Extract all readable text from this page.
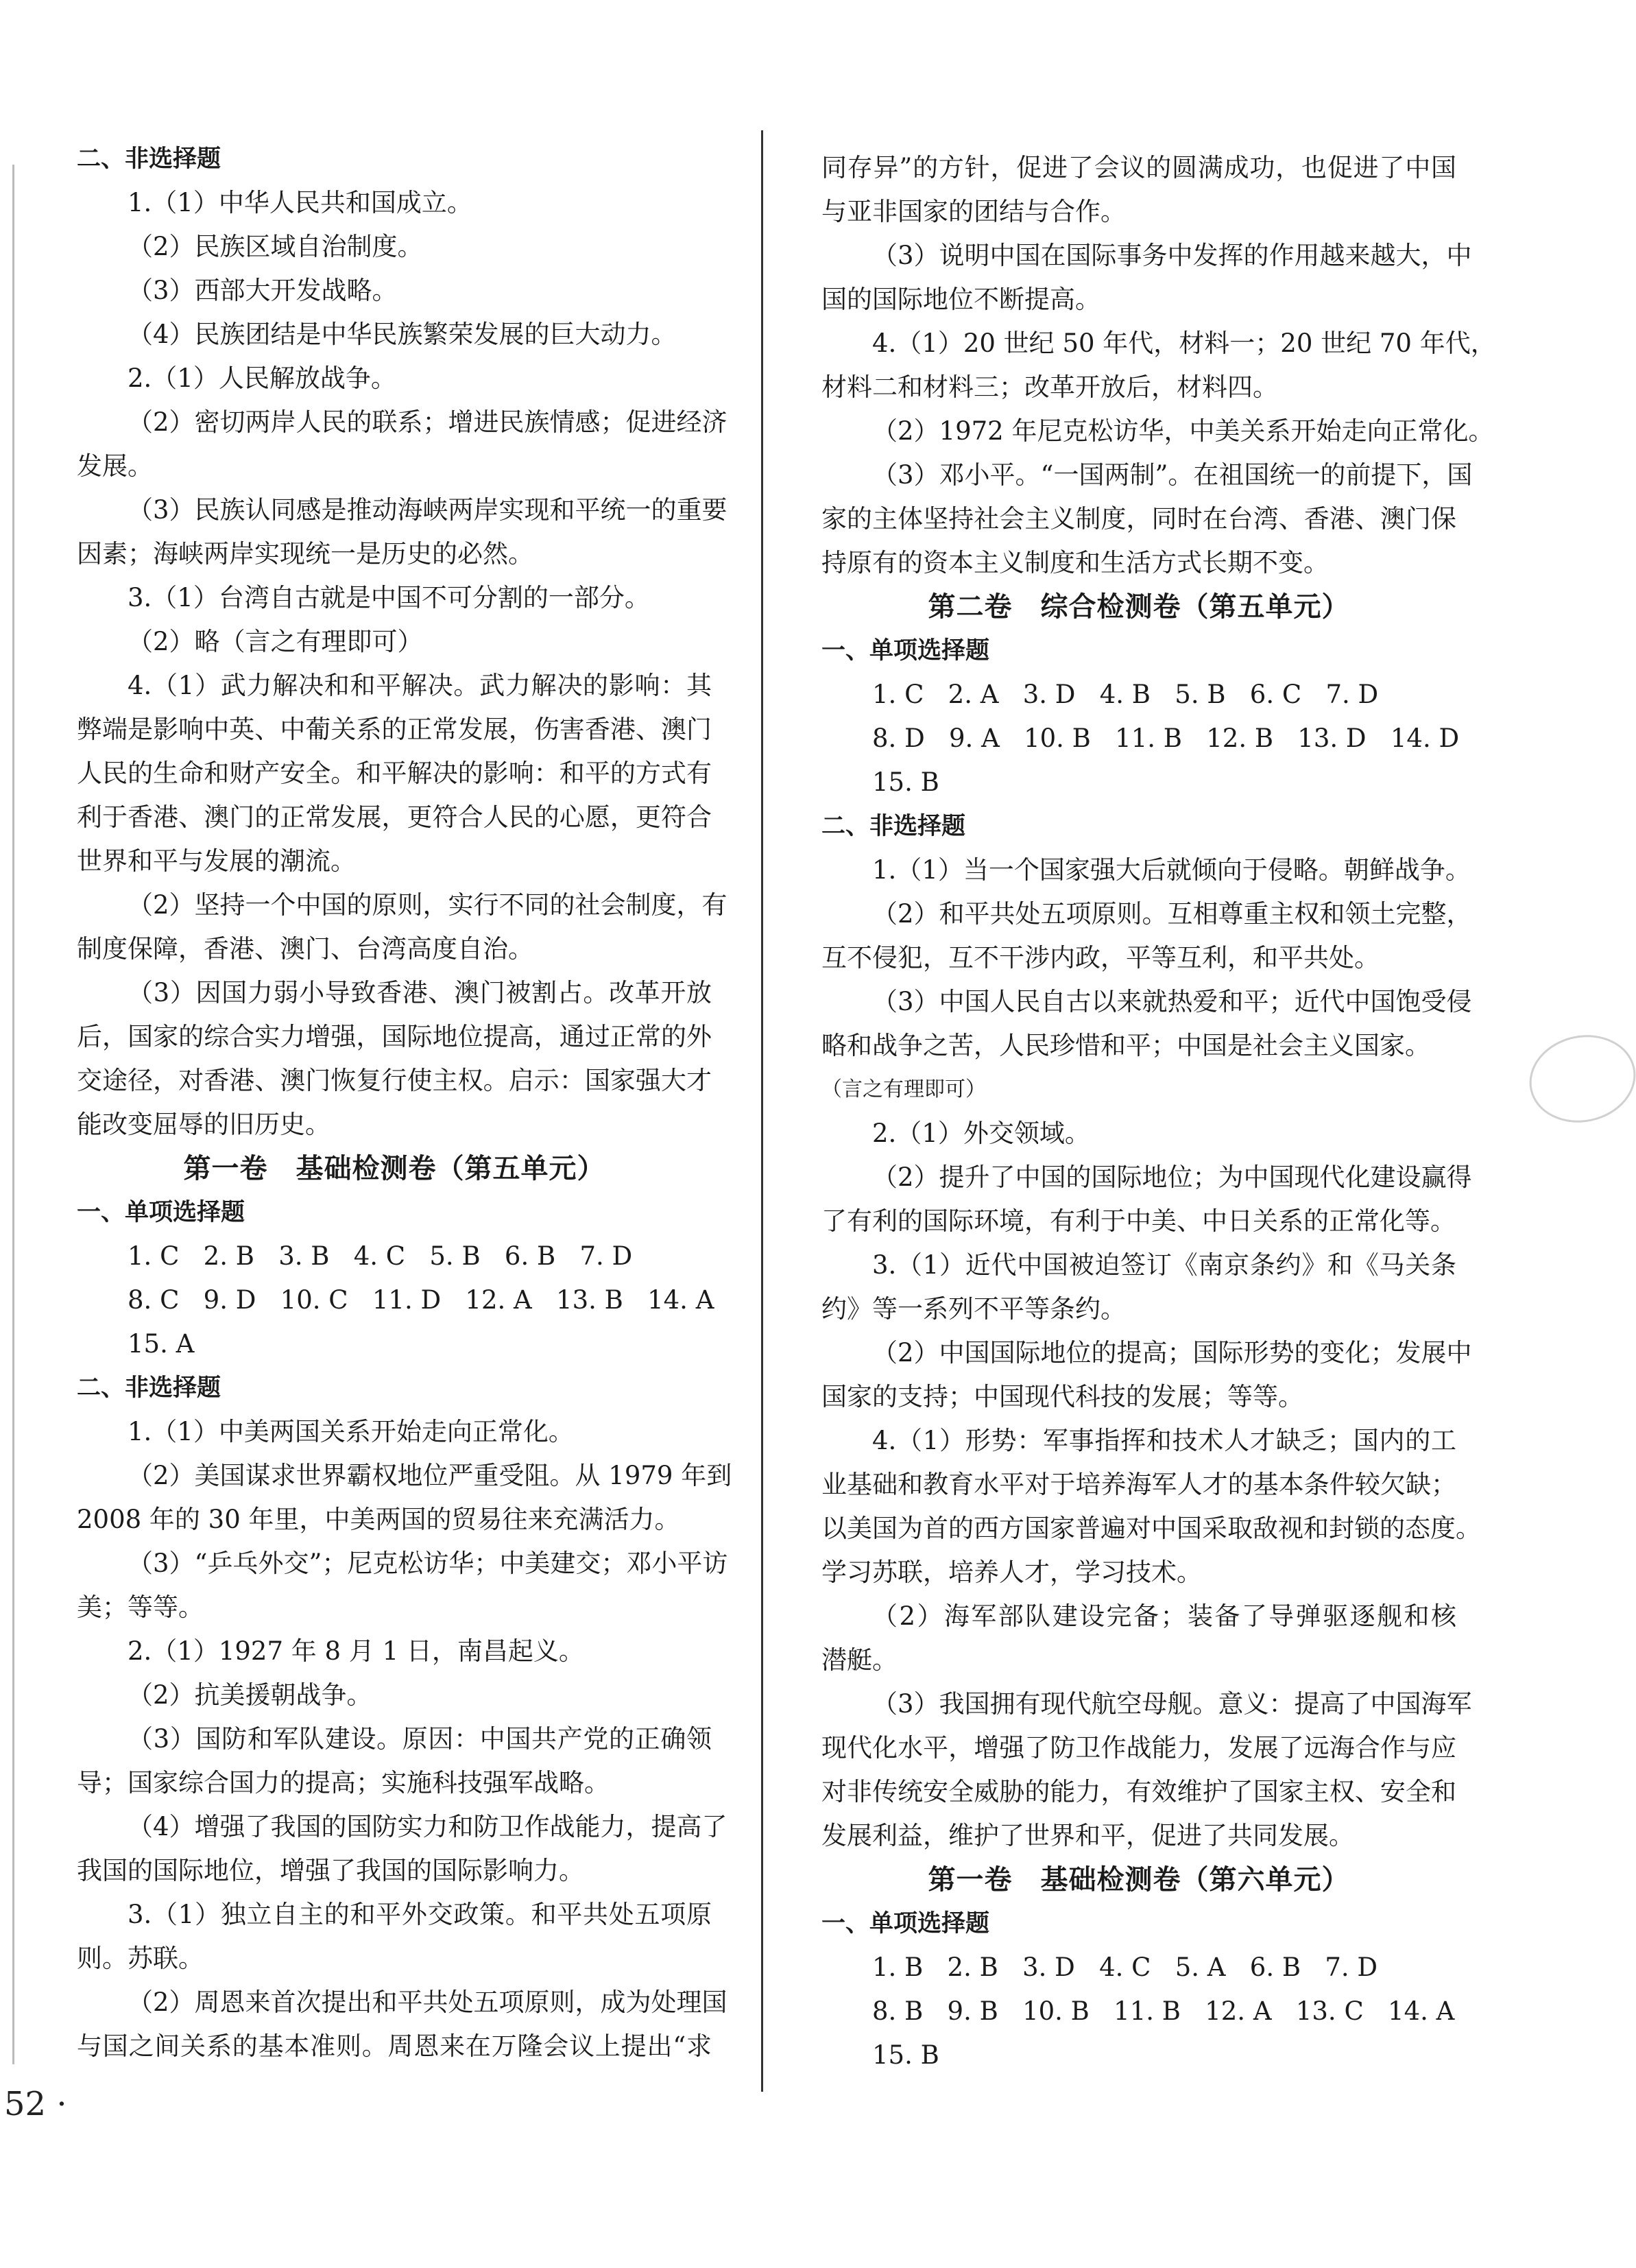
二、非选择题
1.（1）中华人民共和国成立。
（2）民族区域自治制度。
（3）西部大开发战略。
（4）民族团结是中华民族繁荣发展的巨大动力。
2.（1）人民解放战争。
（2）密切两岸人民的联系；增进民族情感；促进经济
发展。
（3）民族认同感是推动海峡两岸实现和平统一的重要
因素；海峡两岸实现统一是历史的必然。
3.（1）台湾自古就是中国不可分割的一部分。
（2）略（言之有理即可）
4.（1）武力解决和和平解决。武力解决的影响：其
弊端是影响中英、中葡关系的正常发展，伤害香港、澳门
人民的生命和财产安全。和平解决的影响：和平的方式有
利于香港、澳门的正常发展，更符合人民的心愿，更符合
世界和平与发展的潮流。
（2）坚持一个中国的原则，实行不同的社会制度，有
制度保障，香港、澳门、台湾高度自治。
（3）因国力弱小导致香港、澳门被割占。改革开放
后，国家的综合实力增强，国际地位提高，通过正常的外
交途径，对香港、澳门恢复行使主权。启示：国家强大才
能改变屈辱的旧历史。
第一卷　基础检测卷（第五单元）
一、单项选择题
1. C   2. B   3. B   4. C   5. B   6. B   7. D
8. C   9. D   10. C   11. D   12. A   13. B   14. A
15. A
二、非选择题
1.（1）中美两国关系开始走向正常化。
（2）美国谋求世界霸权地位严重受阻。从 1979 年到
2008 年的 30 年里，中美两国的贸易往来充满活力。
（3）“乒乓外交”；尼克松访华；中美建交；邓小平访
美；等等。
2.（1）1927 年 8 月 1 日，南昌起义。
（2）抗美援朝战争。
（3）国防和军队建设。原因：中国共产党的正确领
导；国家综合国力的提高；实施科技强军战略。
（4）增强了我国的国防实力和防卫作战能力，提高了
我国的国际地位，增强了我国的国际影响力。
3.（1）独立自主的和平外交政策。和平共处五项原
则。苏联。
（2）周恩来首次提出和平共处五项原则，成为处理国
与国之间关系的基本准则。周恩来在万隆会议上提出“求
同存异”的方针，促进了会议的圆满成功，也促进了中国
与亚非国家的团结与合作。
（3）说明中国在国际事务中发挥的作用越来越大，中
国的国际地位不断提高。
4.（1）20 世纪 50 年代，材料一；20 世纪 70 年代，
材料二和材料三；改革开放后，材料四。
（2）1972 年尼克松访华，中美关系开始走向正常化。
（3）邓小平。“一国两制”。在祖国统一的前提下，国
家的主体坚持社会主义制度，同时在台湾、香港、澳门保
持原有的资本主义制度和生活方式长期不变。
第二卷　综合检测卷（第五单元）
一、单项选择题
1. C   2. A   3. D   4. B   5. B   6. C   7. D
8. D   9. A   10. B   11. B   12. B   13. D   14. D
15. B
二、非选择题
1.（1）当一个国家强大后就倾向于侵略。朝鲜战争。
（2）和平共处五项原则。互相尊重主权和领土完整，
互不侵犯，互不干涉内政，平等互利，和平共处。
（3）中国人民自古以来就热爱和平；近代中国饱受侵
略和战争之苦，人民珍惜和平；中国是社会主义国家。
（言之有理即可）
2.（1）外交领域。
（2）提升了中国的国际地位；为中国现代化建设赢得
了有利的国际环境，有利于中美、中日关系的正常化等。
3.（1）近代中国被迫签订《南京条约》和《马关条
约》等一系列不平等条约。
（2）中国国际地位的提高；国际形势的变化；发展中
国家的支持；中国现代科技的发展；等等。
4.（1）形势：军事指挥和技术人才缺乏；国内的工
业基础和教育水平对于培养海军人才的基本条件较欠缺；
以美国为首的西方国家普遍对中国采取敌视和封锁的态度。
学习苏联，培养人才，学习技术。
（2）海军部队建设完备；装备了导弹驱逐舰和核
潜艇。
（3）我国拥有现代航空母舰。意义：提高了中国海军
现代化水平，增强了防卫作战能力，发展了远海合作与应
对非传统安全威胁的能力，有效维护了国家主权、安全和
发展利益，维护了世界和平，促进了共同发展。
第一卷　基础检测卷（第六单元）
一、单项选择题
1. B   2. B   3. D   4. C   5. A   6. B   7. D
8. B   9. B   10. B   11. B   12. A   13. C   14. A
15. B
52 ·
